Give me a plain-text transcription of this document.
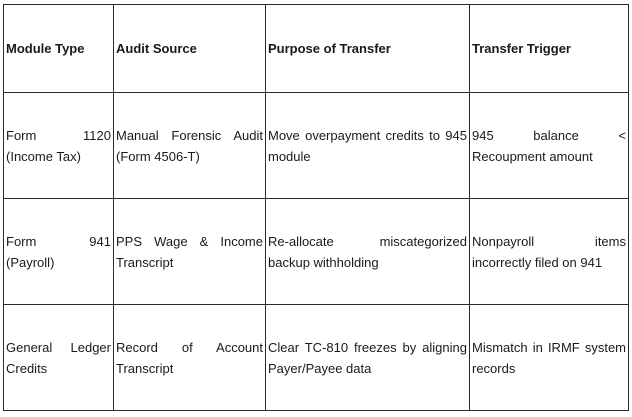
Module Type	Audit Source	Purpose of Transfer	Transfer Trigger
Form 1120 (Income Tax)	Manual Forensic Audit (Form 4506-T)	Move overpayment credits to 945 module	945 balance < Recoupment amount
Form 941 (Payroll)	PPS Wage & Income Transcript	Re-allocate miscategorized backup withholding	Nonpayroll items incorrectly filed on 941
General Ledger Credits	Record of Account Transcript	Clear TC-810 freezes by aligning Payer/Payee data	Mismatch in IRMF system records
